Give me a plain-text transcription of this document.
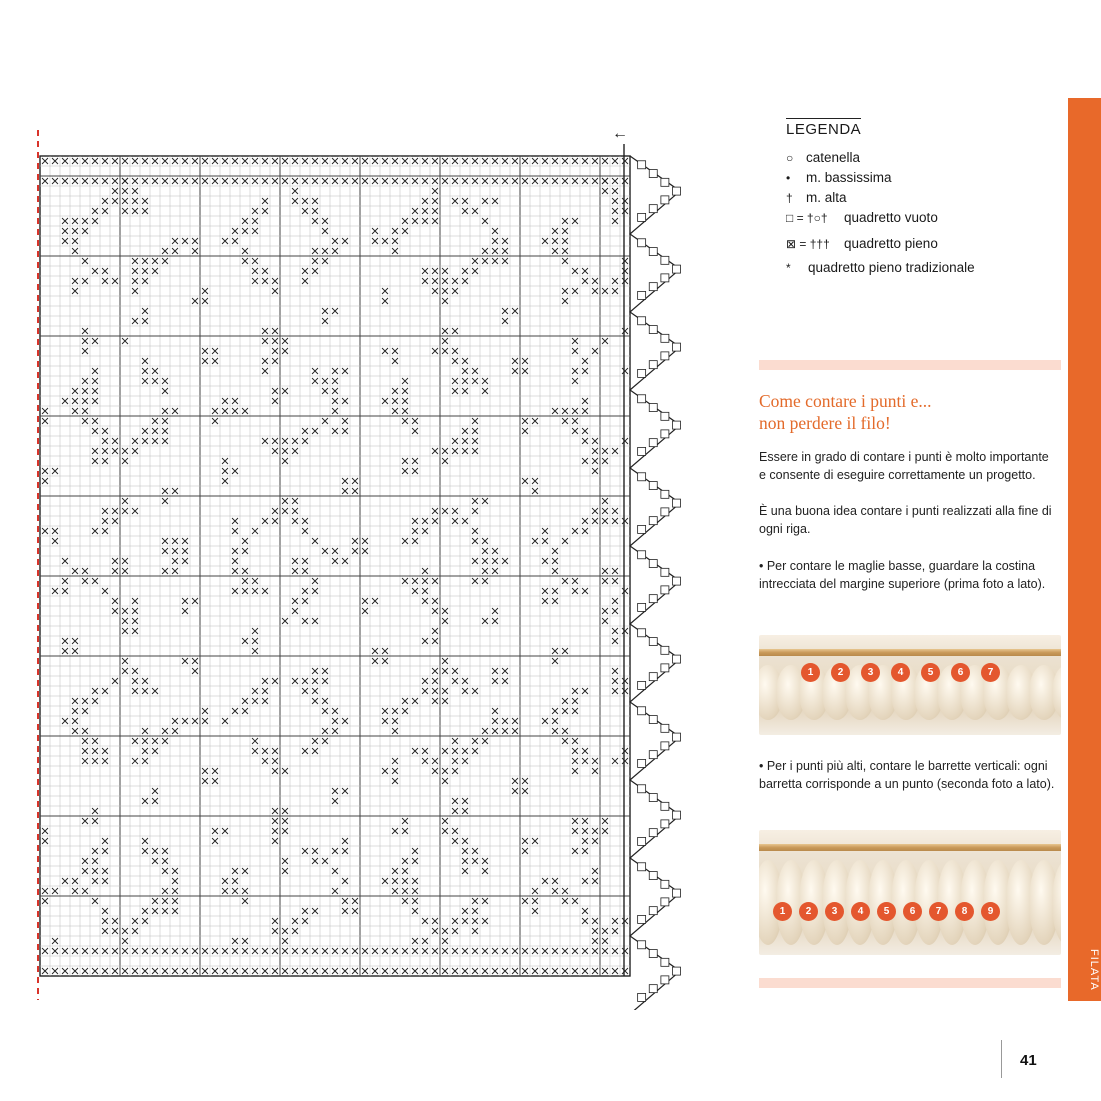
←	LEGENDA
○ catenella
•	m. bassissima
† m. alta
□ = †○†	quadretto vuoto
⊠ = †††	quadretto pieno
*	quadretto pieno tradizionale
Come contare i punti e...
non perdere il filo!
Essere in grado di contare i punti è molto importante e consente di eseguire correttamente un progetto.
È una buona idea contare i punti realizzati alla fine di ogni riga.
• Per contare le maglie basse, guardare la costina intrecciata del margine superiore (prima foto a lato).
1	2	3	4	5	6	7
• Per i punti più alti, contare le barrette verticali: ogni barretta corrisponde a un punto (seconda foto a lato).
1	2	3	4	5	6	7	8	9
FILATA
41
